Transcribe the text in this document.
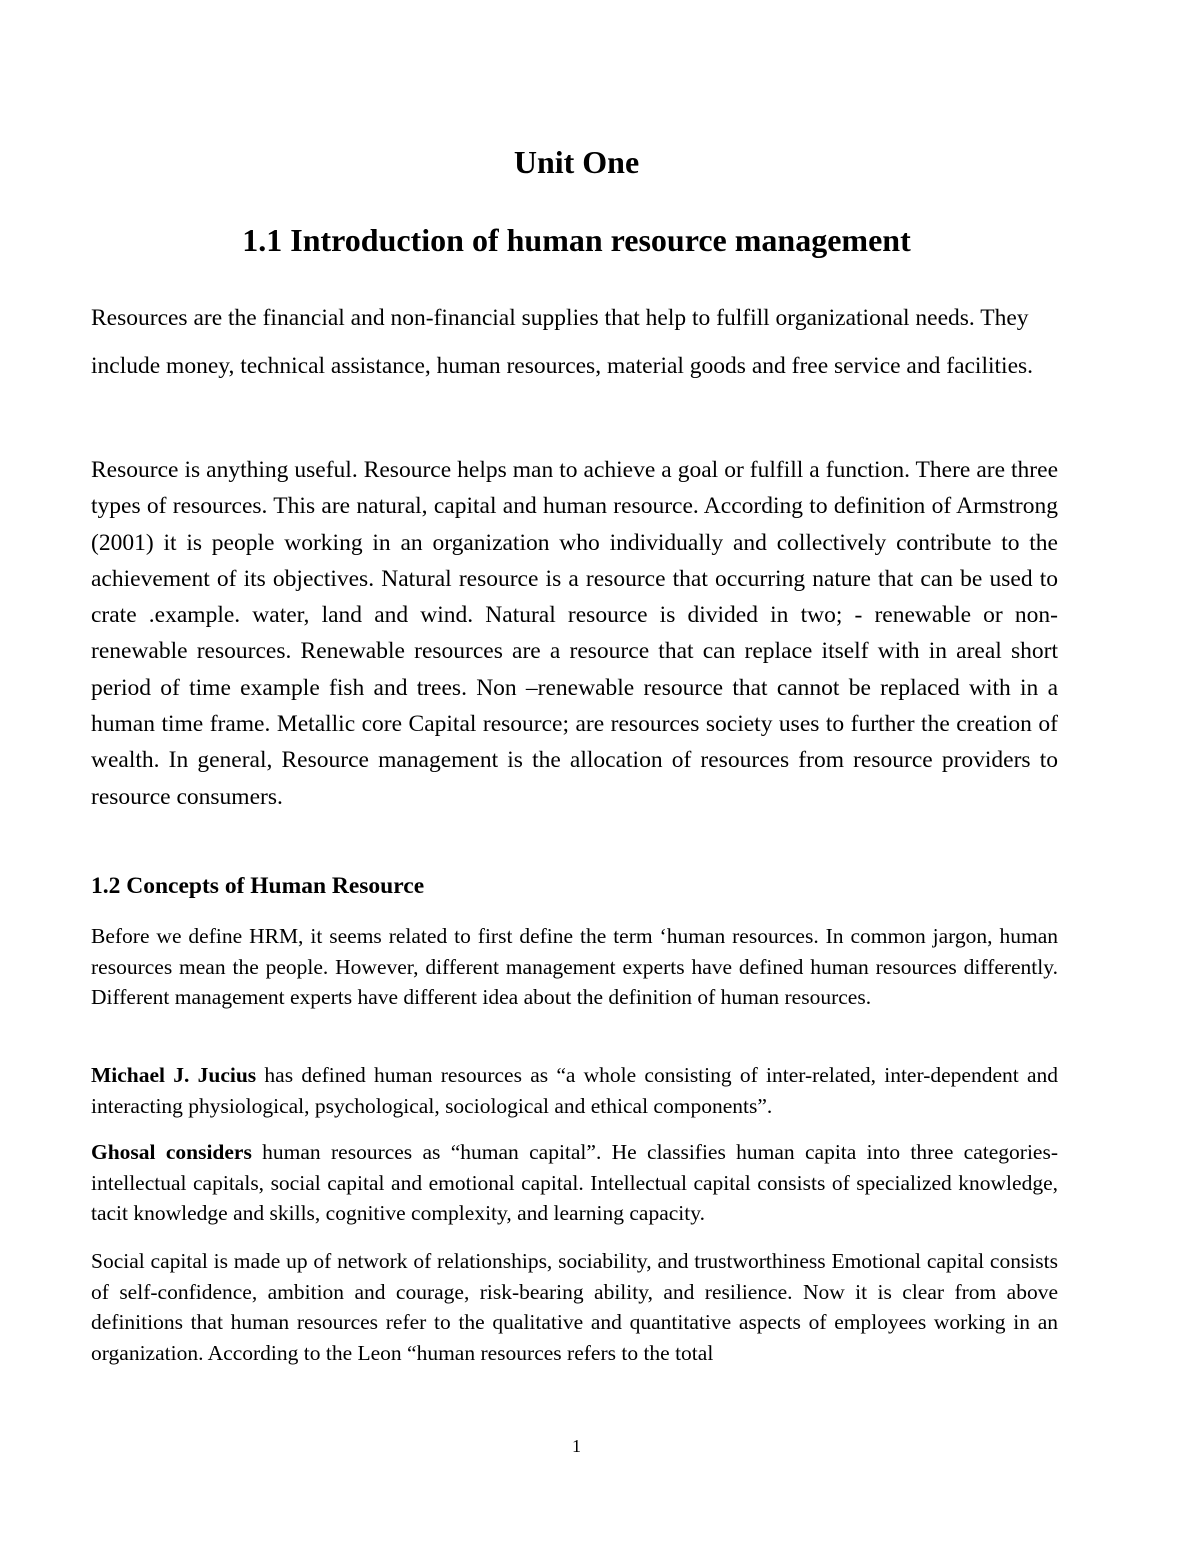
Unit One
1.1 Introduction of human resource management

Resources are the financial and non-financial supplies that help to fulfill organizational needs. They include money, technical assistance, human resources, material goods and free service and facilities.

Resource is anything useful. Resource helps man to achieve a goal or fulfill a function. There are three types of resources. This are natural, capital and human resource. According to definition of Armstrong (2001) it is people working in an organization who individually and collectively contribute to the achievement of its objectives. Natural resource is a resource that occurring nature that can be used to crate .example. water, land and wind. Natural resource is divided in two; - renewable or non-renewable resources. Renewable resources are a resource that can replace itself with in areal short period of time example fish and trees. Non –renewable resource that cannot be replaced with in a human time frame. Metallic core Capital resource; are resources society uses to further the creation of wealth. In general, Resource management is the allocation of resources from resource providers to resource consumers.

1.2 Concepts of Human Resource

Before we define HRM, it seems related to first define the term ‘human resources. In common jargon, human resources mean the people. However, different management experts have defined human resources differently. Different management experts have different idea about the definition of human resources.

Michael J. Jucius has defined human resources as “a whole consisting of inter-related, inter-dependent and interacting physiological, psychological, sociological and ethical components”.

Ghosal considers human resources as “human capital”. He classifies human capita into three categories-intellectual capitals, social capital and emotional capital. Intellectual capital consists of specialized knowledge, tacit knowledge and skills, cognitive complexity, and learning capacity.

Social capital is made up of network of relationships, sociability, and trustworthiness Emotional capital consists of self-confidence, ambition and courage, risk-bearing ability, and resilience. Now it is clear from above definitions that human resources refer to the qualitative and quantitative aspects of employees working in an organization. According to the Leon “human resources refers to the total

1
